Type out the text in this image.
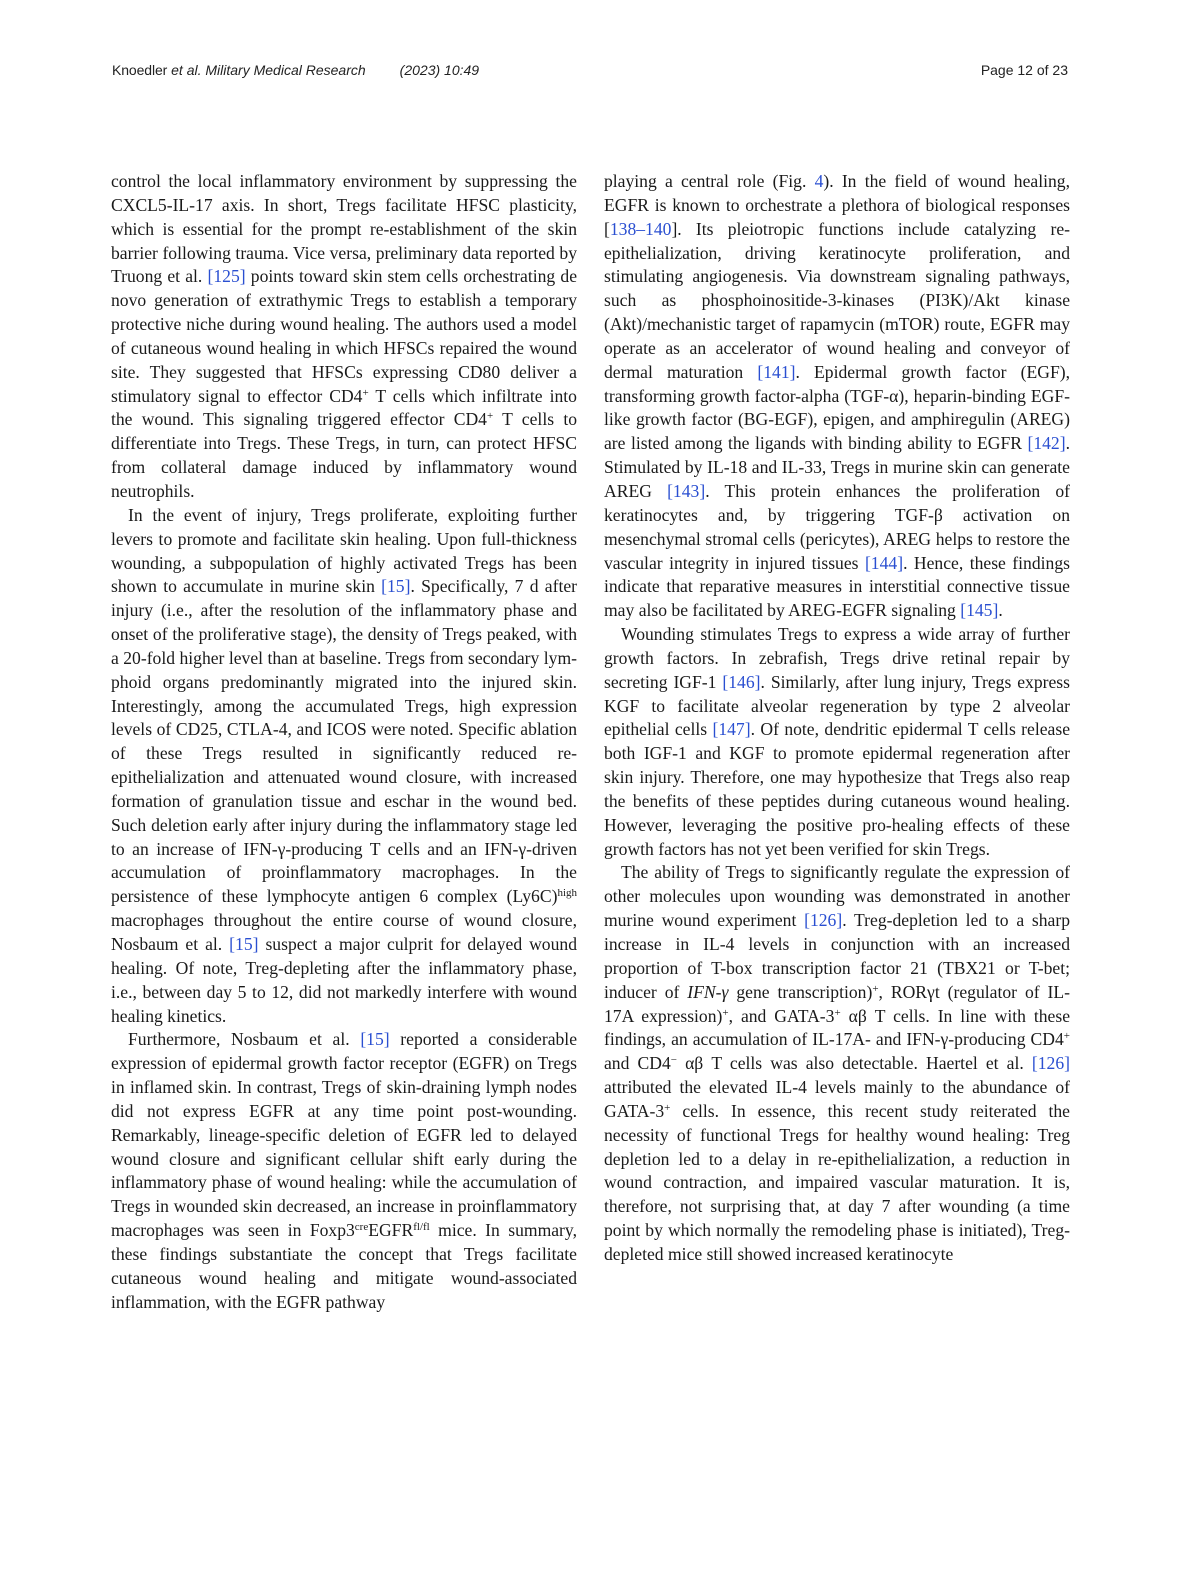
Knoedler et al. Military Medical Research (2023) 10:49	Page 12 of 23

control the local inflammatory environment by suppressing the CXCL5-IL-17 axis. In short, Tregs facilitate HFSC plasticity, which is essential for the prompt re-establishment of the skin barrier following trauma. Vice versa, preliminary data reported by Truong et al. [125] points toward skin stem cells orchestrating de novo generation of extrathymic Tregs to establish a temporary protective niche during wound healing. The authors used a model of cutaneous wound healing in which HFSCs repaired the wound site. They suggested that HFSCs expressing CD80 deliver a stimulatory signal to effector CD4+ T cells which infiltrate into the wound. This signaling triggered effector CD4+ T cells to differentiate into Tregs. These Tregs, in turn, can protect HFSC from collateral damage induced by inflammatory wound neutrophils.

In the event of injury, Tregs proliferate, exploiting further levers to promote and facilitate skin healing. Upon full-thickness wounding, a subpopulation of highly activated Tregs has been shown to accumulate in murine skin [15]. Specifically, 7 d after injury (i.e., after the resolution of the inflammatory phase and onset of the proliferative stage), the density of Tregs peaked, with a 20-fold higher level than at baseline. Tregs from secondary lymphoid organs predominantly migrated into the injured skin. Interestingly, among the accumulated Tregs, high expression levels of CD25, CTLA-4, and ICOS were noted. Specific ablation of these Tregs resulted in significantly reduced re-epithelialization and attenuated wound closure, with increased formation of granulation tissue and eschar in the wound bed. Such deletion early after injury during the inflammatory stage led to an increase of IFN-γ-producing T cells and an IFN-γ-driven accumulation of proinflammatory macrophages. In the persistence of these lymphocyte antigen 6 complex $(Ly6C)^{high}$ macrophages throughout the entire course of wound closure, Nosbaum et al. [15] suspect a major culprit for delayed wound healing. Of note, Treg-depleting after the inflammatory phase, i.e., between day 5 to 12, did not markedly interfere with wound healing kinetics.

Furthermore, Nosbaum et al. [15] reported a considerable expression of epidermal growth factor receptor (EGFR) on Tregs in inflamed skin. In contrast, Tregs of skin-draining lymph nodes did not express EGFR at any time point post-wounding. Remarkably, lineage-specific deletion of EGFR led to delayed wound closure and significant cellular shift early during the inflammatory phase of wound healing: while the accumulation of Tregs in wounded skin decreased, an increase in proinflammatory macrophages was seen in $Foxp3^{cre}EGFR^{fl/fl}$ mice. In summary, these findings substantiate the concept that Tregs facilitate cutaneous wound healing and mitigate wound-associated inflammation, with the EGFR pathway

playing a central role (Fig. 4). In the field of wound healing, EGFR is known to orchestrate a plethora of biological responses [138–140]. Its pleiotropic functions include catalyzing re-epithelialization, driving keratinocyte proliferation, and stimulating angiogenesis. Via downstream signaling pathways, such as phosphoinositide-3-kinases (PI3K)/Akt kinase (Akt)/mechanistic target of rapamycin (mTOR) route, EGFR may operate as an accelerator of wound healing and conveyor of dermal maturation [141]. Epidermal growth factor (EGF), transforming growth factor-alpha (TGF-α), heparin-binding EGF-like growth factor (BG-EGF), epigen, and amphiregulin (AREG) are listed among the ligands with binding ability to EGFR [142]. Stimulated by IL-18 and IL-33, Tregs in murine skin can generate AREG [143]. This protein enhances the proliferation of keratinocytes and, by triggering TGF-β activation on mesenchymal stromal cells (pericytes), AREG helps to restore the vascular integrity in injured tissues [144]. Hence, these findings indicate that reparative measures in interstitial connective tissue may also be facilitated by AREG-EGFR signaling [145].

Wounding stimulates Tregs to express a wide array of further growth factors. In zebrafish, Tregs drive retinal repair by secreting IGF-1 [146]. Similarly, after lung injury, Tregs express KGF to facilitate alveolar regeneration by type 2 alveolar epithelial cells [147]. Of note, dendritic epidermal T cells release both IGF-1 and KGF to promote epidermal regeneration after skin injury. Therefore, one may hypothesize that Tregs also reap the benefits of these peptides during cutaneous wound healing. However, leveraging the positive pro-healing effects of these growth factors has not yet been verified for skin Tregs.

The ability of Tregs to significantly regulate the expression of other molecules upon wounding was demonstrated in another murine wound experiment [126]. Treg-depletion led to a sharp increase in IL-4 levels in conjunction with an increased proportion of T-box transcription factor 21 (TBX21 or T-bet; inducer of IFN-γ gene transcription)+, RORγt (regulator of IL-17A expression)+, and GATA-3+ αβ T cells. In line with these findings, an accumulation of IL-17A- and IFN-γ-producing CD4+ and CD4− αβ T cells was also detectable. Haertel et al. [126] attributed the elevated IL-4 levels mainly to the abundance of GATA-3+ cells. In essence, this recent study reiterated the necessity of functional Tregs for healthy wound healing: Treg depletion led to a delay in re-epithelialization, a reduction in wound contraction, and impaired vascular maturation. It is, therefore, not surprising that, at day 7 after wounding (a time point by which normally the remodeling phase is initiated), Treg-depleted mice still showed increased keratinocyte
